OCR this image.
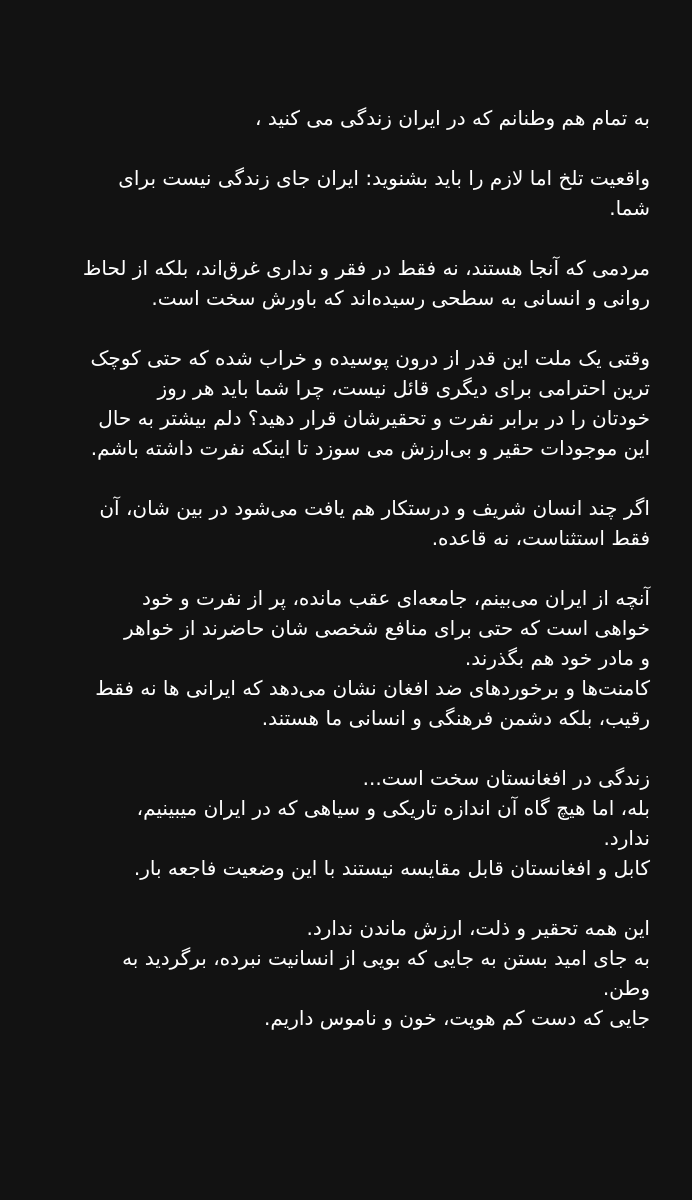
به تمام هم وطنانم که در ایران زندگی می کنید ،

واقعیت تلخ اما لازم را باید بشنوید: ایران جای زندگی نیست برای
شما.

مردمی که آنجا هستند، نه فقط در فقر و نداری غرق‌اند، بلکه از لحاظ
روانی و انسانی به سطحی رسیده‌اند که باورش سخت است.

وقتی یک ملت این قدر از درون پوسیده و خراب شده که حتی کوچک
ترین احترامی برای دیگری قائل نیست، چرا شما باید هر روز
خودتان را در برابر نفرت و تحقیرشان قرار دهید؟ دلم بیشتر به حال
این موجودات حقیر و بی‌ارزش می سوزد تا اینکه نفرت داشته باشم.

اگر چند انسان شریف و درستکار هم یافت می‌شود در بین شان، آن
فقط استثناست، نه قاعده.

آنچه از ایران می‌بینم، جامعه‌ای عقب مانده، پر از نفرت و خود
خواهی است که حتی برای منافع شخصی شان حاضرند از خواهر
و مادر خود هم بگذرند.
کامنت‌ها و برخوردهای ضد افغان نشان می‌دهد که ایرانی ها نه فقط
رقیب، بلکه دشمن فرهنگی و انسانی ما هستند.

زندگی در افغانستان سخت است...
بله، اما هیچ گاه آن اندازه تاریکی و سیاهی که در ایران میبینیم،
ندارد.
کابل و افغانستان قابل مقایسه نیستند با این وضعیت فاجعه بار.

این همه تحقیر و ذلت، ارزش ماندن ندارد.
به جای امید بستن به جایی که بویی از انسانیت نبرده، برگردید به
وطن.
جایی که دست کم هویت، خون و ناموس داریم.
